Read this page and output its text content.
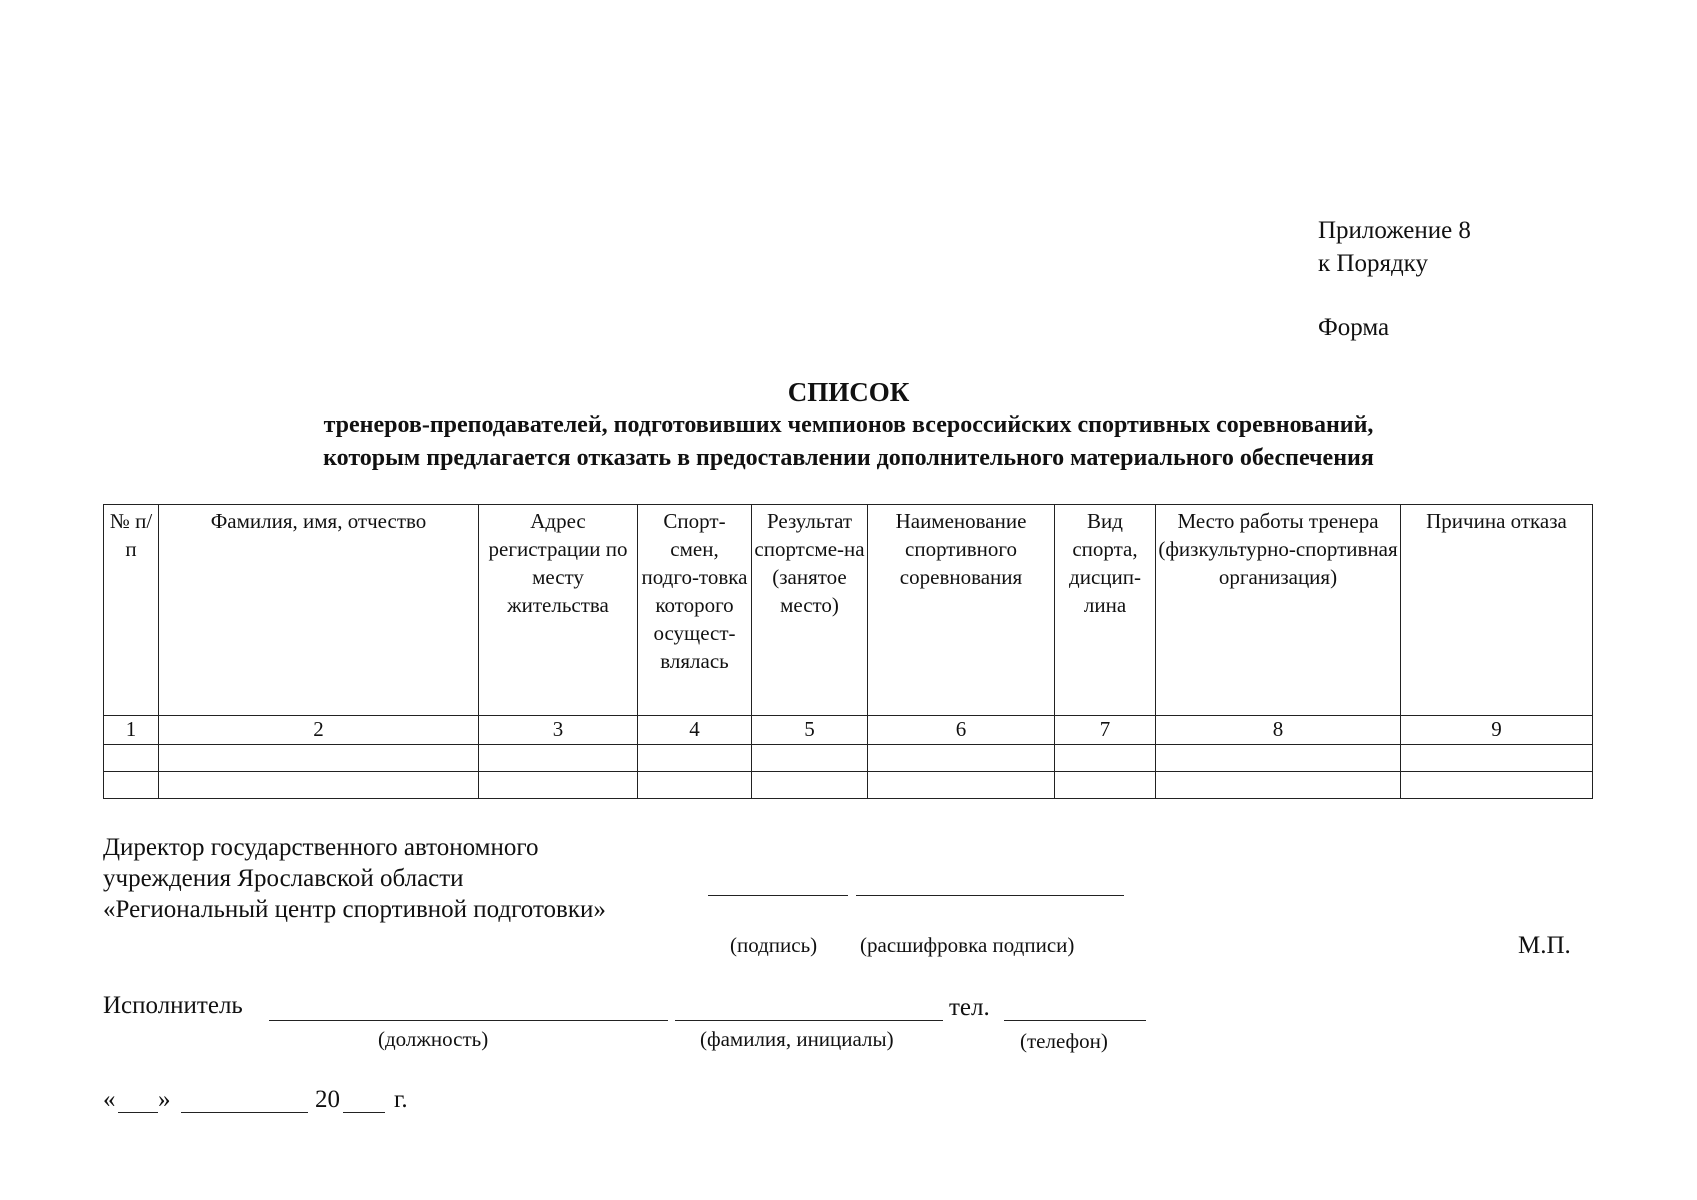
Приложение 8
к Порядку
Форма
СПИСОК
тренеров-преподавателей, подготовивших чемпионов всероссийских спортивных соревнований,
которым предлагается отказать в предоставлении дополнительного материального обеспечения
№ п/п	Фамилия, имя, отчество	Адрес регистрации по месту жительства	Спорт-смен, подго-товка которого осущест-влялась	Результат спортсме-на (занятое место)	Наименование спортивного соревнования	Вид спорта, дисцип-лина	Место работы тренера (физкультурно-спортивная организация)	Причина отказа
1	2	3	4	5	6	7	8	9

Директор государственного автономного
учреждения Ярославской области
«Региональный центр спортивной подготовки»
(подпись) (расшифровка подписи)	М.П.
Исполнитель	тел.
(должность)	(фамилия, инициалы)	(телефон)
« »	20 г.
